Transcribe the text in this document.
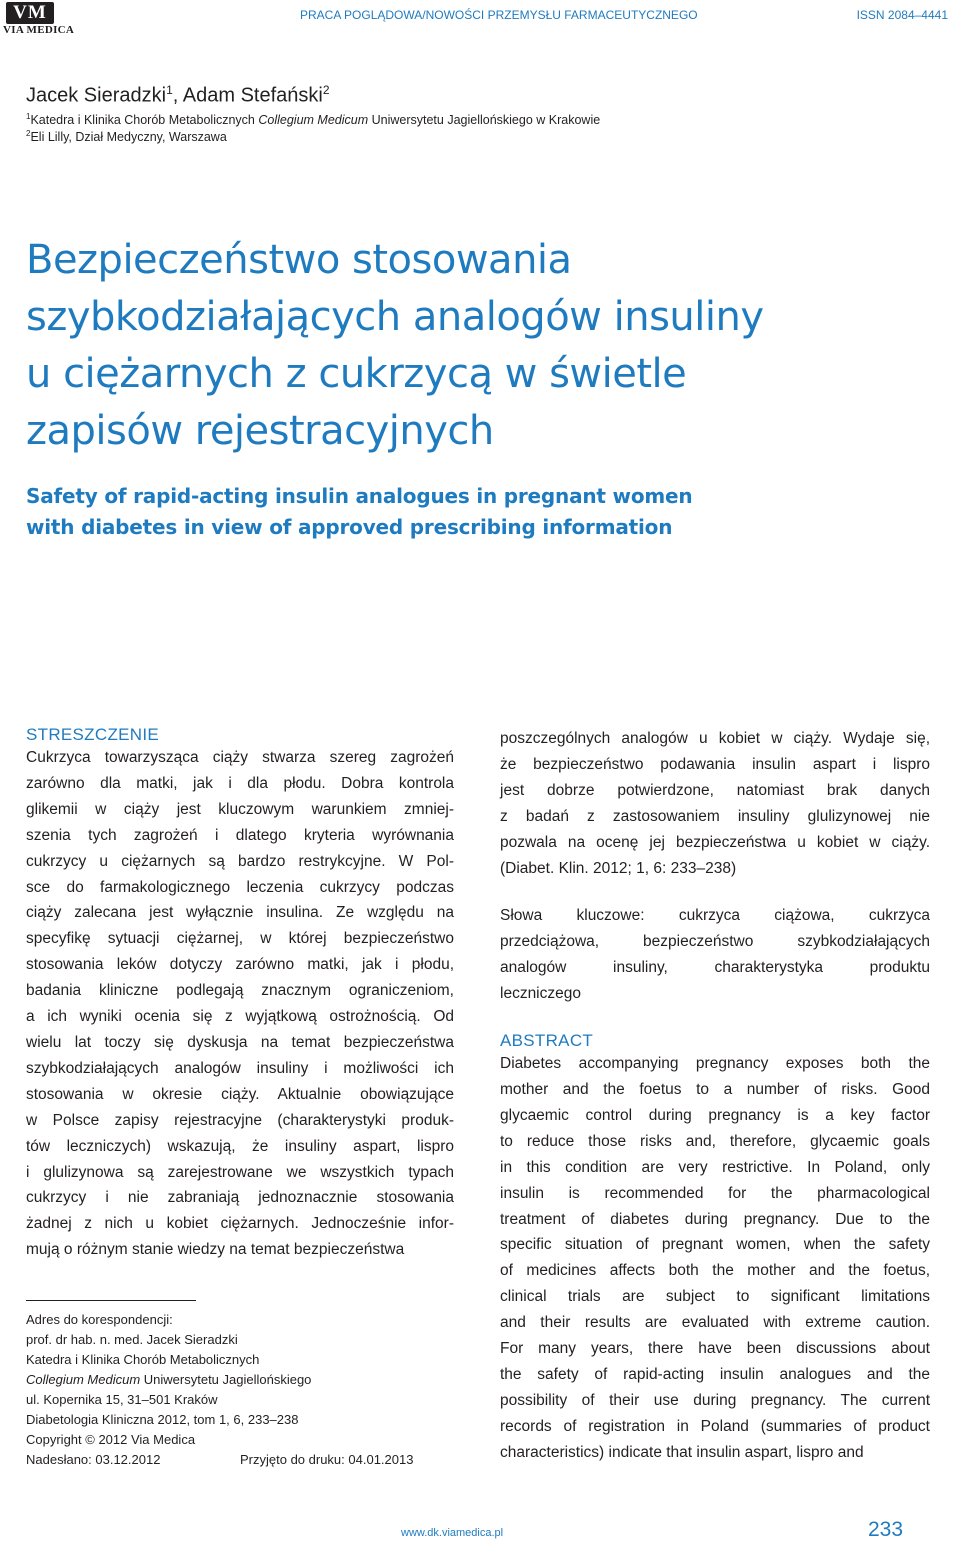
VM
VIA MEDICA
PRACA POGLĄDOWA/NOWOŚCI PRZEMYSŁU FARMACEUTYCZNEGO	ISSN 2084–4441
Jacek Sieradzki$^1$, Adam Stefański$^2$
$^1$Katedra i Klinika Chorób Metabolicznych Collegium Medicum Uniwersytetu Jagiellońskiego w Krakowie
$^2$Eli Lilly, Dział Medyczny, Warszawa
Bezpieczeństwo stosowania
szybkodziałających analogów insuliny
u ciężarnych z cukrzycą w świetle
zapisów rejestracyjnych
Safety of rapid-acting insulin analogues in pregnant women
with diabetes in view of approved prescribing information
STRESZCZENIE
Cukrzyca towarzysząca ciąży stwarza szereg zagrożeń
zarówno dla matki, jak i dla płodu. Dobra kontrola
glikemii w ciąży jest kluczowym warunkiem zmniej-
szenia tych zagrożeń i dlatego kryteria wyrównania
cukrzycy u ciężarnych są bardzo restrykcyjne. W Pol-
sce do farmakologicznego leczenia cukrzycy podczas
ciąży zalecana jest wyłącznie insulina. Ze względu na
specyfikę sytuacji ciężarnej, w której bezpieczeństwo
stosowania leków dotyczy zarówno matki, jak i płodu,
badania kliniczne podlegają znacznym ograniczeniom,
a ich wyniki ocenia się z wyjątkową ostrożnością. Od
wielu lat toczy się dyskusja na temat bezpieczeństwa
szybkodziałających analogów insuliny i możliwości ich
stosowania w okresie ciąży. Aktualnie obowiązujące
w Polsce zapisy rejestracyjne (charakterystyki produk-
tów leczniczych) wskazują, że insuliny aspart, lispro
i glulizynowa są zarejestrowane we wszystkich typach
cukrzycy i nie zabraniają jednoznacznie stosowania
żadnej z nich u kobiet ciężarnych. Jednocześnie infor-
mują o różnym stanie wiedzy na temat bezpieczeństwa
poszczególnych analogów u kobiet w ciąży. Wydaje się,
że bezpieczeństwo podawania insulin aspart i lispro
jest dobrze potwierdzone, natomiast brak danych
z badań z zastosowaniem insuliny glulizynowej nie
pozwala na ocenę jej bezpieczeństwa u kobiet w ciąży.
(Diabet. Klin. 2012; 1, 6: 233–238)
Słowa kluczowe: cukrzyca ciążowa, cukrzyca
przedciążowa, bezpieczeństwo szybkodziałających
analogów insuliny, charakterystyka produktu
leczniczego
ABSTRACT
Diabetes accompanying pregnancy exposes both the
mother and the foetus to a number of risks. Good
glycaemic control during pregnancy is a key factor
to reduce those risks and, therefore, glycaemic goals
in this condition are very restrictive. In Poland, only
insulin is recommended for the pharmacological
treatment of diabetes during pregnancy. Due to the
specific situation of pregnant women, when the safety
of medicines affects both the mother and the foetus,
clinical trials are subject to significant limitations
and their results are evaluated with extreme caution.
For many years, there have been discussions about
the safety of rapid-acting insulin analogues and the
possibility of their use during pregnancy. The current
records of registration in Poland (summaries of product
characteristics) indicate that insulin aspart, lispro and
Adres do korespondencji:
prof. dr hab. n. med. Jacek Sieradzki
Katedra i Klinika Chorób Metabolicznych
Collegium Medicum Uniwersytetu Jagiellońskiego
ul. Kopernika 15, 31–501 Kraków
Diabetologia Kliniczna 2012, tom 1, 6, 233–238
Copyright © 2012 Via Medica
Nadesłano: 03.12.2012	Przyjęto do druku: 04.01.2013
www.dk.viamedica.pl	233
